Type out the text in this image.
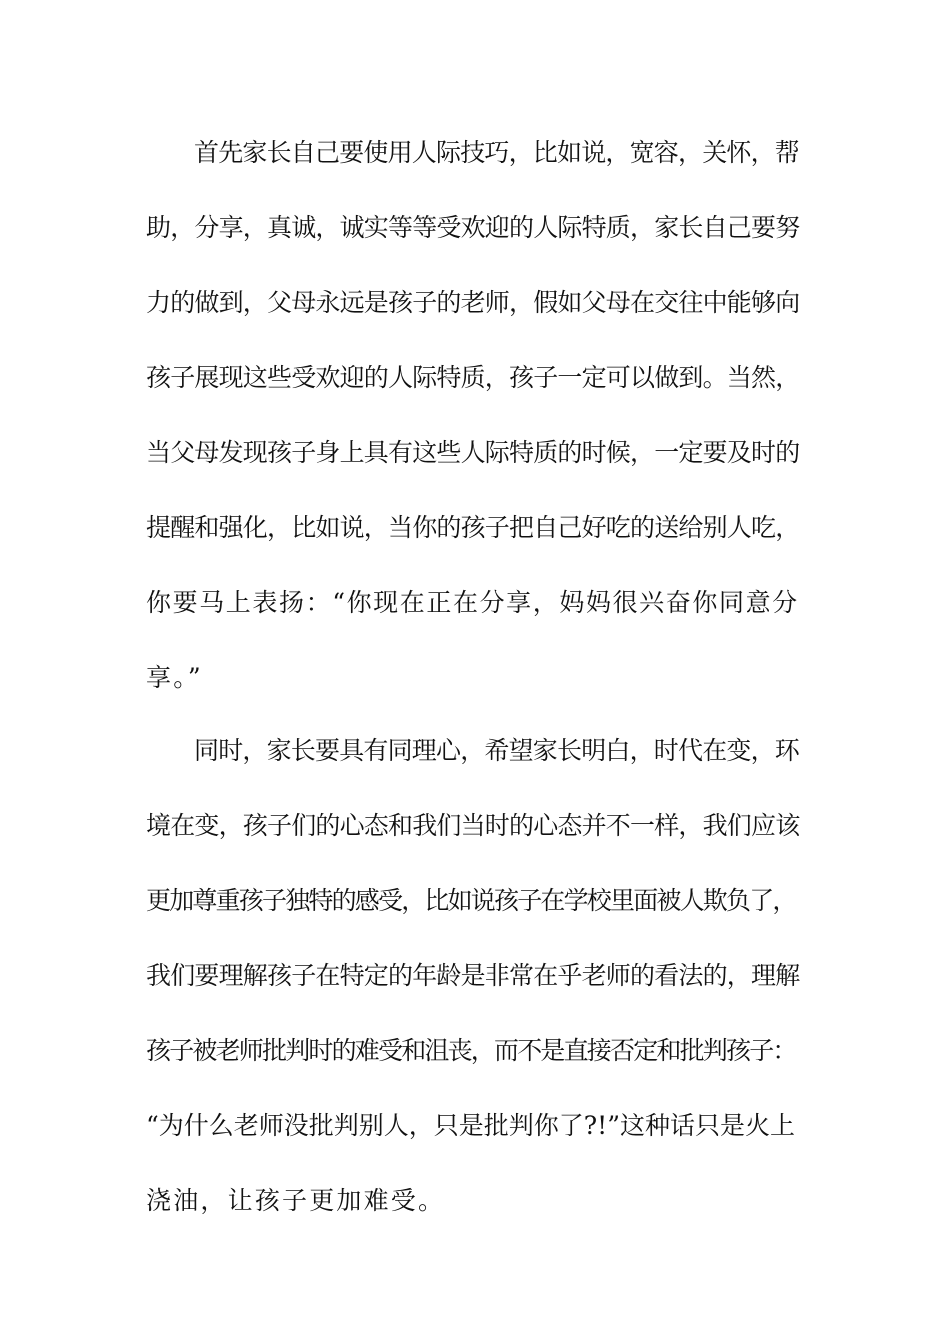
首先家长自己要使用人际技巧，比如说，宽容，关怀，帮

助，分享，真诚，诚实等等受欢迎的人际特质，家长自己要努

力的做到，父母永远是孩子的老师，假如父母在交往中能够向

孩子展现这些受欢迎的人际特质，孩子一定可以做到。当然，

当父母发现孩子身上具有这些人际特质的时候，一定要及时的

提醒和强化，比如说，当你的孩子把自己好吃的送给别人吃，

你要马上表扬：“你现在正在分享，妈妈很兴奋你同意分

享。”

同时，家长要具有同理心，希望家长明白，时代在变，环

境在变，孩子们的心态和我们当时的心态并不一样，我们应该

更加尊重孩子独特的感受，比如说孩子在学校里面被人欺负了，

我们要理解孩子在特定的年龄是非常在乎老师的看法的，理解

孩子被老师批判时的难受和沮丧，而不是直接否定和批判孩子：

“为什么老师没批判别人，只是批判你了?!”这种话只是火上

浇油，让孩子更加难受。
